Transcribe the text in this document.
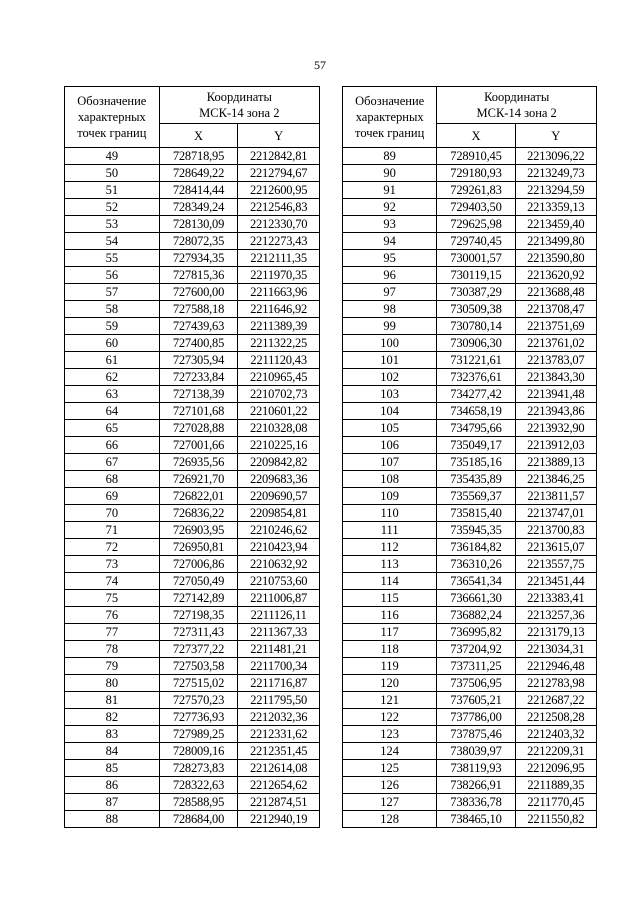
57
Обозначение
характерных
точек границ	Координаты
МСК-14 зона 2	
	X	Y
49	728718,95	2212842,81
50	728649,22	2212794,67
51	728414,44	2212600,95
52	728349,24	2212546,83
53	728130,09	2212330,70
54	728072,35	2212273,43
55	727934,35	2212111,35
56	727815,36	2211970,35
57	727600,00	2211663,96
58	727588,18	2211646,92
59	727439,63	2211389,39
60	727400,85	2211322,25
61	727305,94	2211120,43
62	727233,84	2210965,45
63	727138,39	2210702,73
64	727101,68	2210601,22
65	727028,88	2210328,08
66	727001,66	2210225,16
67	726935,56	2209842,82
68	726921,70	2209683,36
69	726822,01	2209690,57
70	726836,22	2209854,81
71	726903,95	2210246,62
72	726950,81	2210423,94
73	727006,86	2210632,92
74	727050,49	2210753,60
75	727142,89	2211006,87
76	727198,35	2211126,11
77	727311,43	2211367,33
78	727377,22	2211481,21
79	727503,58	2211700,34
80	727515,02	2211716,87
81	727570,23	2211795,50
82	727736,93	2212032,36
83	727989,25	2212331,62
84	728009,16	2212351,45
85	728273,83	2212614,08
86	728322,63	2212654,62
87	728588,95	2212874,51
88	728684,00	2212940,19
Обозначение
характерных
точек границ	Координаты
МСК-14 зона 2	
	X	Y
89	728910,45	2213096,22
90	729180,93	2213249,73
91	729261,83	2213294,59
92	729403,50	2213359,13
93	729625,98	2213459,40
94	729740,45	2213499,80
95	730001,57	2213590,80
96	730119,15	2213620,92
97	730387,29	2213688,48
98	730509,38	2213708,47
99	730780,14	2213751,69
100	730906,30	2213761,02
101	731221,61	2213783,07
102	732376,61	2213843,30
103	734277,42	2213941,48
104	734658,19	2213943,86
105	734795,66	2213932,90
106	735049,17	2213912,03
107	735185,16	2213889,13
108	735435,89	2213846,25
109	735569,37	2213811,57
110	735815,40	2213747,01
111	735945,35	2213700,83
112	736184,82	2213615,07
113	736310,26	2213557,75
114	736541,34	2213451,44
115	736661,30	2213383,41
116	736882,24	2213257,36
117	736995,82	2213179,13
118	737204,92	2213034,31
119	737311,25	2212946,48
120	737506,95	2212783,98
121	737605,21	2212687,22
122	737786,00	2212508,28
123	737875,46	2212403,32
124	738039,97	2212209,31
125	738119,93	2212096,95
126	738266,91	2211889,35
127	738336,78	2211770,45
128	738465,10	2211550,82
